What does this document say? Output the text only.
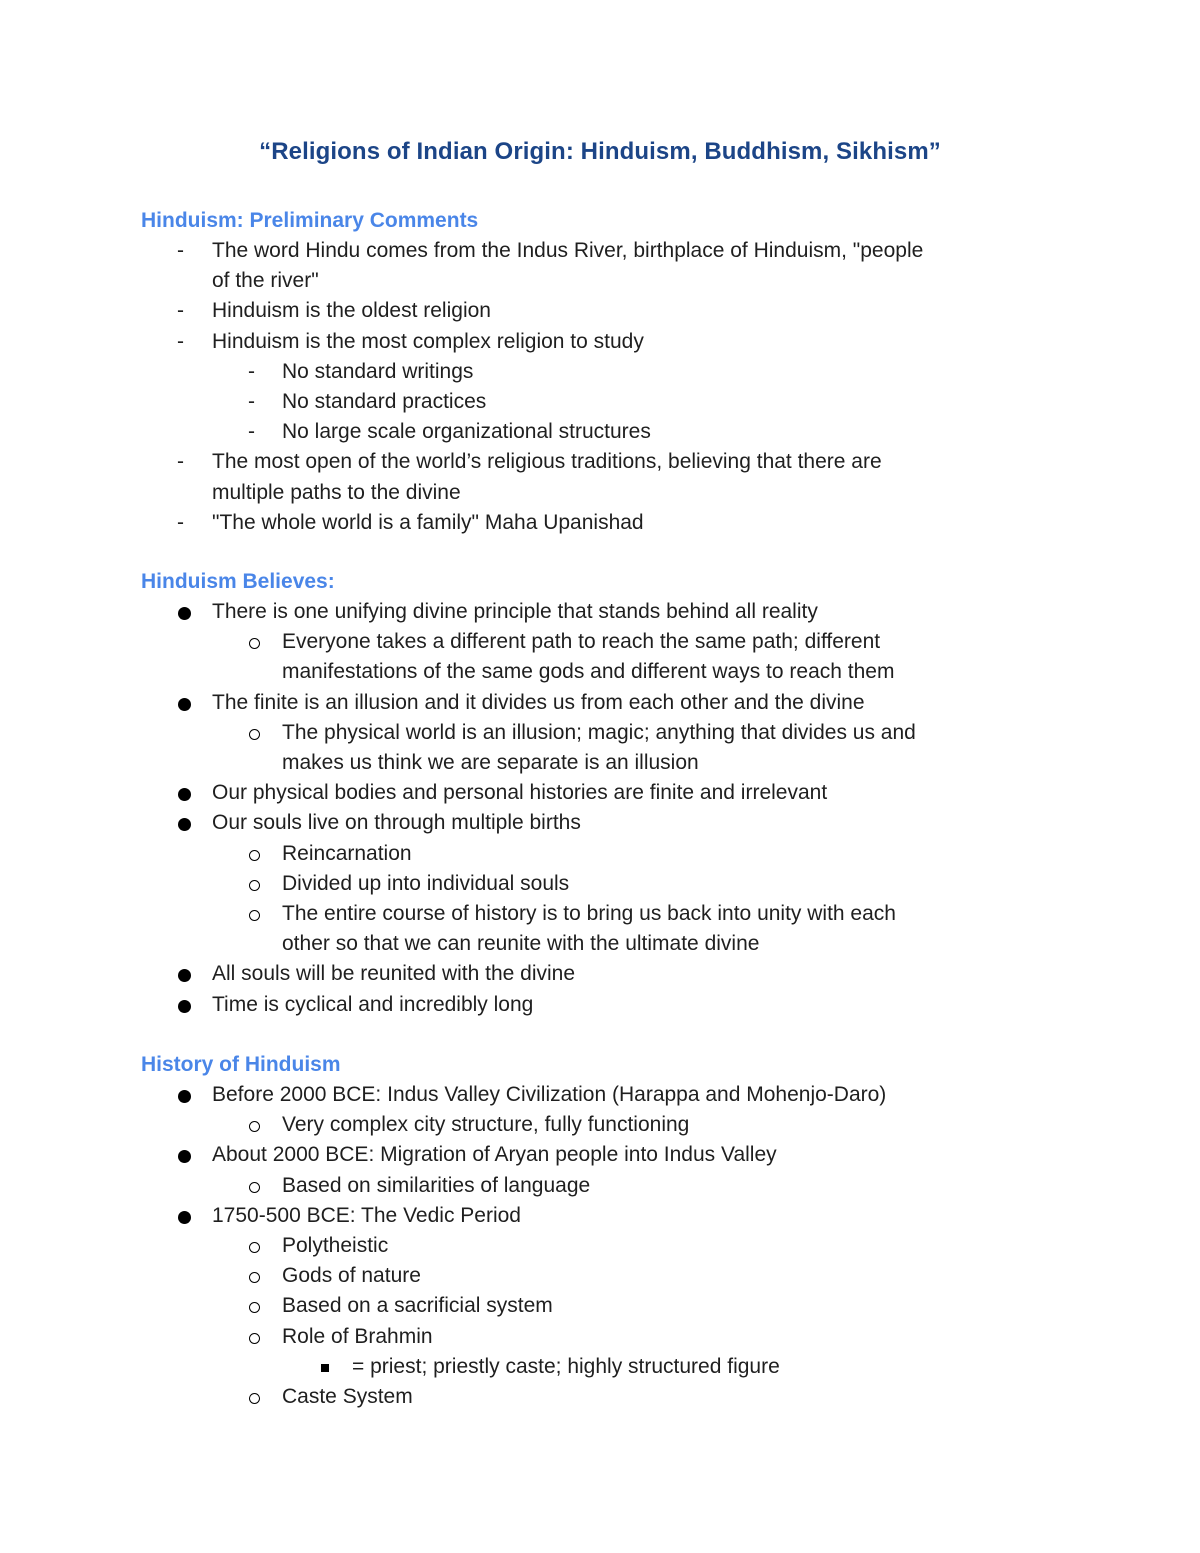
“Religions of Indian Origin: Hinduism, Buddhism, Sikhism”
Hinduism: Preliminary Comments
- The word Hindu comes from the Indus River, birthplace of Hinduism, "people
of the river"
- Hinduism is the oldest religion
- Hinduism is the most complex religion to study
- No standard writings
- No standard practices
- No large scale organizational structures
- The most open of the world’s religious traditions, believing that there are
multiple paths to the divine
- "The whole world is a family" Maha Upanishad
Hinduism Believes:
There is one unifying divine principle that stands behind all reality
Everyone takes a different path to reach the same path; different
manifestations of the same gods and different ways to reach them
The finite is an illusion and it divides us from each other and the divine
The physical world is an illusion; magic; anything that divides us and
makes us think we are separate is an illusion
Our physical bodies and personal histories are finite and irrelevant
Our souls live on through multiple births
Reincarnation
Divided up into individual souls
The entire course of history is to bring us back into unity with each
other so that we can reunite with the ultimate divine
All souls will be reunited with the divine
Time is cyclical and incredibly long
History of Hinduism
Before 2000 BCE: Indus Valley Civilization (Harappa and Mohenjo-Daro)
Very complex city structure, fully functioning
About 2000 BCE: Migration of Aryan people into Indus Valley
Based on similarities of language
1750-500 BCE: The Vedic Period
Polytheistic
Gods of nature
Based on a sacrificial system
Role of Brahmin
= priest; priestly caste; highly structured figure
Caste System
